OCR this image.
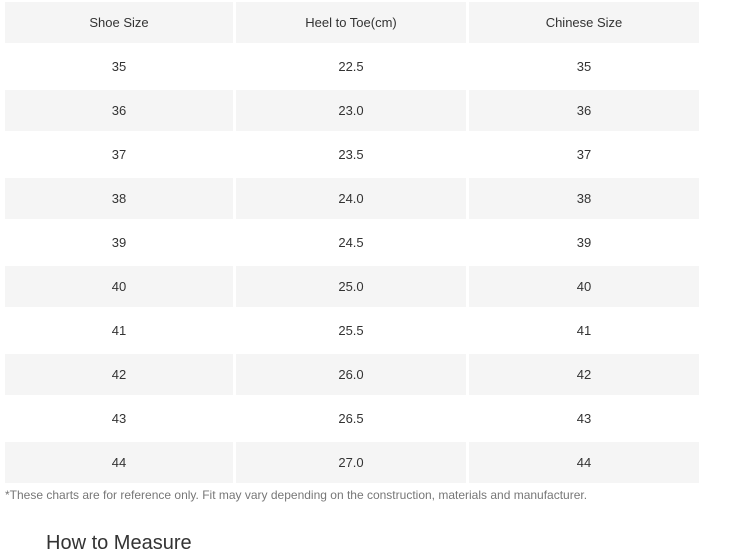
Shoe Size	Heel to Toe(cm)	Chinese Size
35	22.5	35
36	23.0	36
37	23.5	37
38	24.0	38
39	24.5	39
40	25.0	40
41	25.5	41
42	26.0	42
43	26.5	43
44	27.0	44
*These charts are for reference only. Fit may vary depending on the construction, materials and manufacturer.
How to Measure
